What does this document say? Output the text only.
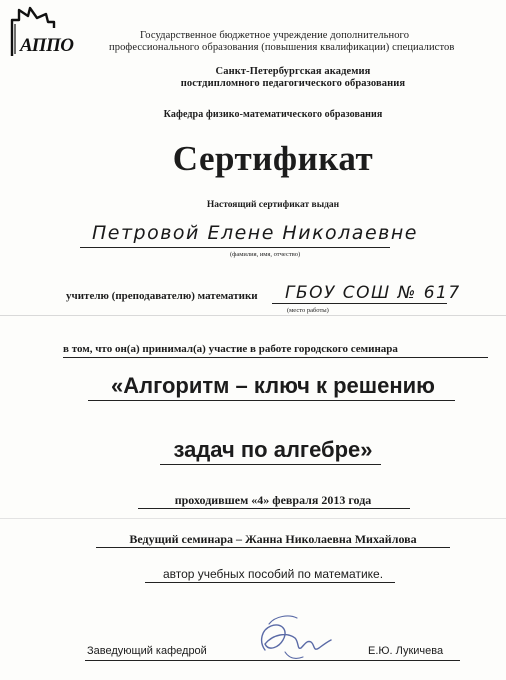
АППО	Государственное бюджетное учреждение дополнительного
профессионального образования (повышения квалификации) специалистов
Санкт-Петербургская академия
постдипломного педагогического образования
Кафедра физико-математического образования
Сертификат
Настоящий сертификат выдан
Петровой Елене Николаевне
(фамилия, имя, отчество)
учителю (преподавателю) математики ГБОУ СОШ № 617
(место работы)
в том, что он(а) принимал(а) участие в работе городского семинара
«Алгоритм – ключ к решению
задач по алгебре»
проходившем «4» февраля 2013 года
Ведущий семинара – Жанна Николаевна Михайлова
автор учебных пособий по математике.
Заведующий кафедрой	Е.Ю. Лукичева
